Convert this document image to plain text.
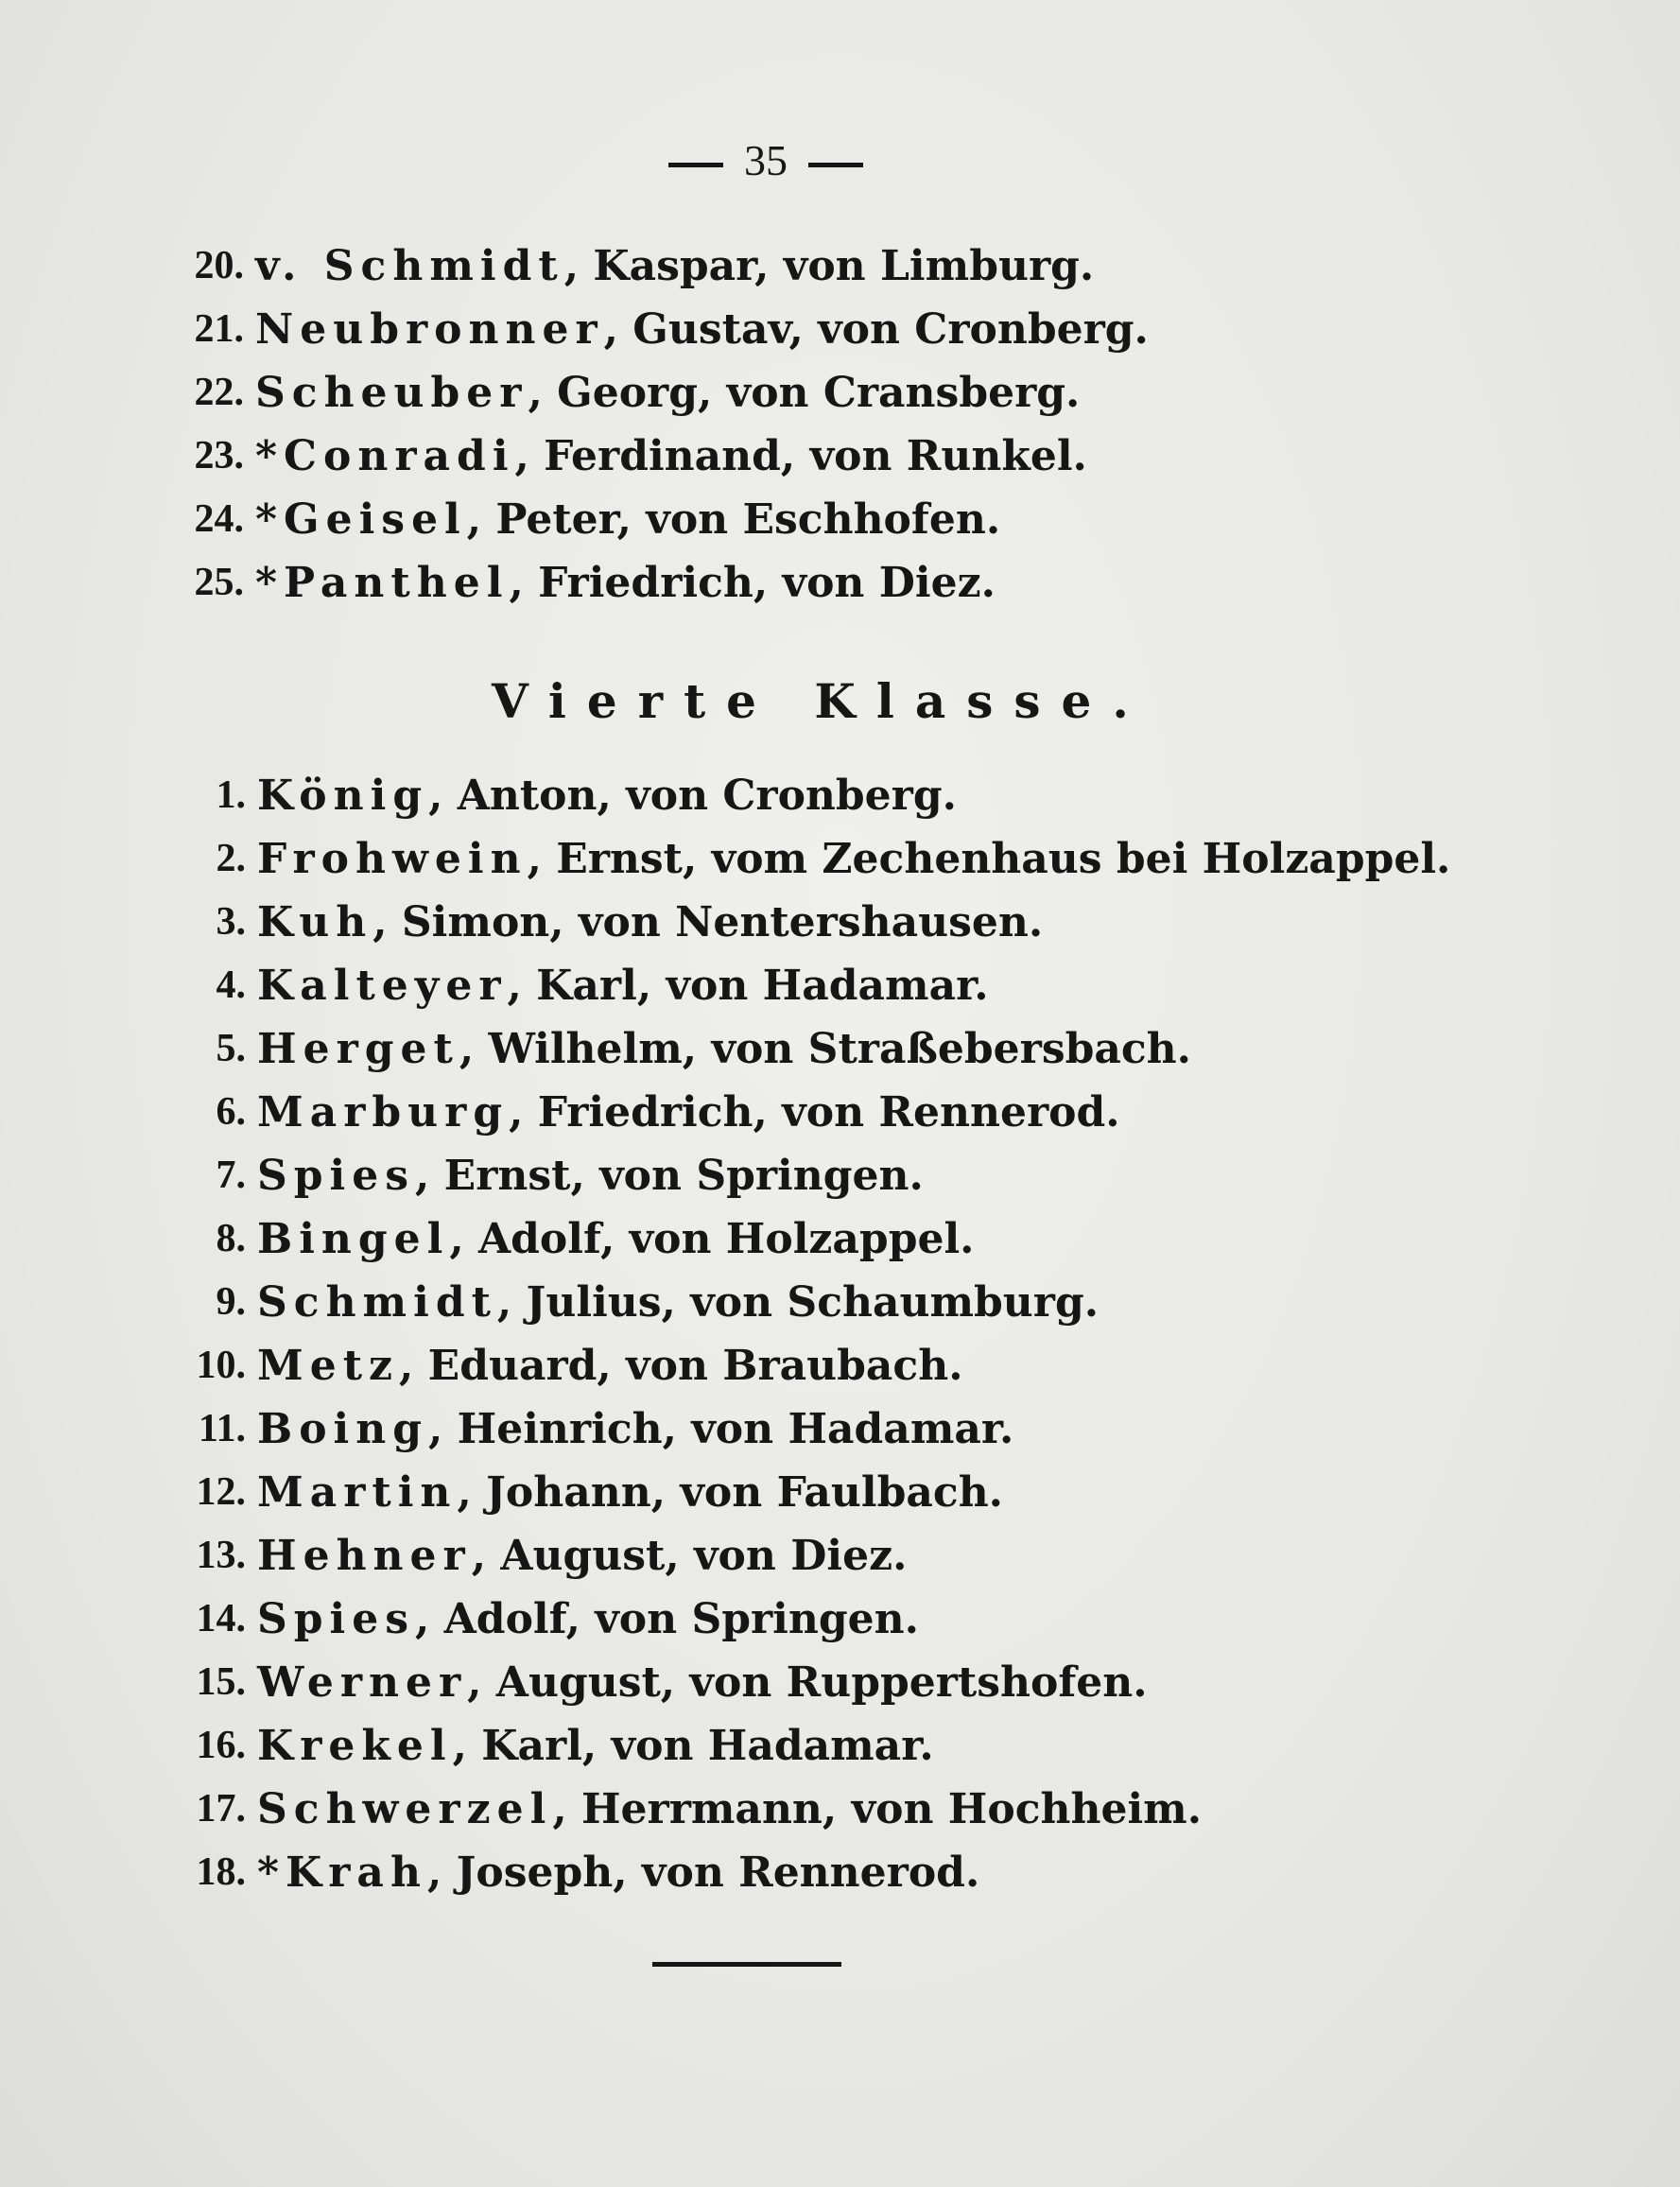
35
20. v. Schmidt , Kaspar, von Limburg.
21. Neubronner , Gustav, von Cronberg.
22. Scheuber , Georg, von Cransberg.
23. *Conradi , Ferdinand, von Runkel.
24. *Geisel , Peter, von Eschhofen.
25. *Panthel , Friedrich, von Diez.
Vierte Klasse.
1. König , Anton, von Cronberg.
2. Frohwein , Ernst, vom Zechenhaus bei Holzappel.
3. Kuh , Simon, von Nentershausen.
4. Kalteyer , Karl, von Hadamar.
5. Herget , Wilhelm, von Straßebersbach.
6. Marburg , Friedrich, von Rennerod.
7. Spies , Ernst, von Springen.
8. Bingel , Adolf, von Holzappel.
9. Schmidt , Julius, von Schaumburg.
10. Metz , Eduard, von Braubach.
11. Boing , Heinrich, von Hadamar.
12. Martin , Johann, von Faulbach.
13. Hehner , August, von Diez.
14. Spies , Adolf, von Springen.
15. Werner , August, von Ruppertshofen.
16. Krekel , Karl, von Hadamar.
17. Schwerzel , Herrmann, von Hochheim.
18. *Krah , Joseph, von Rennerod.
